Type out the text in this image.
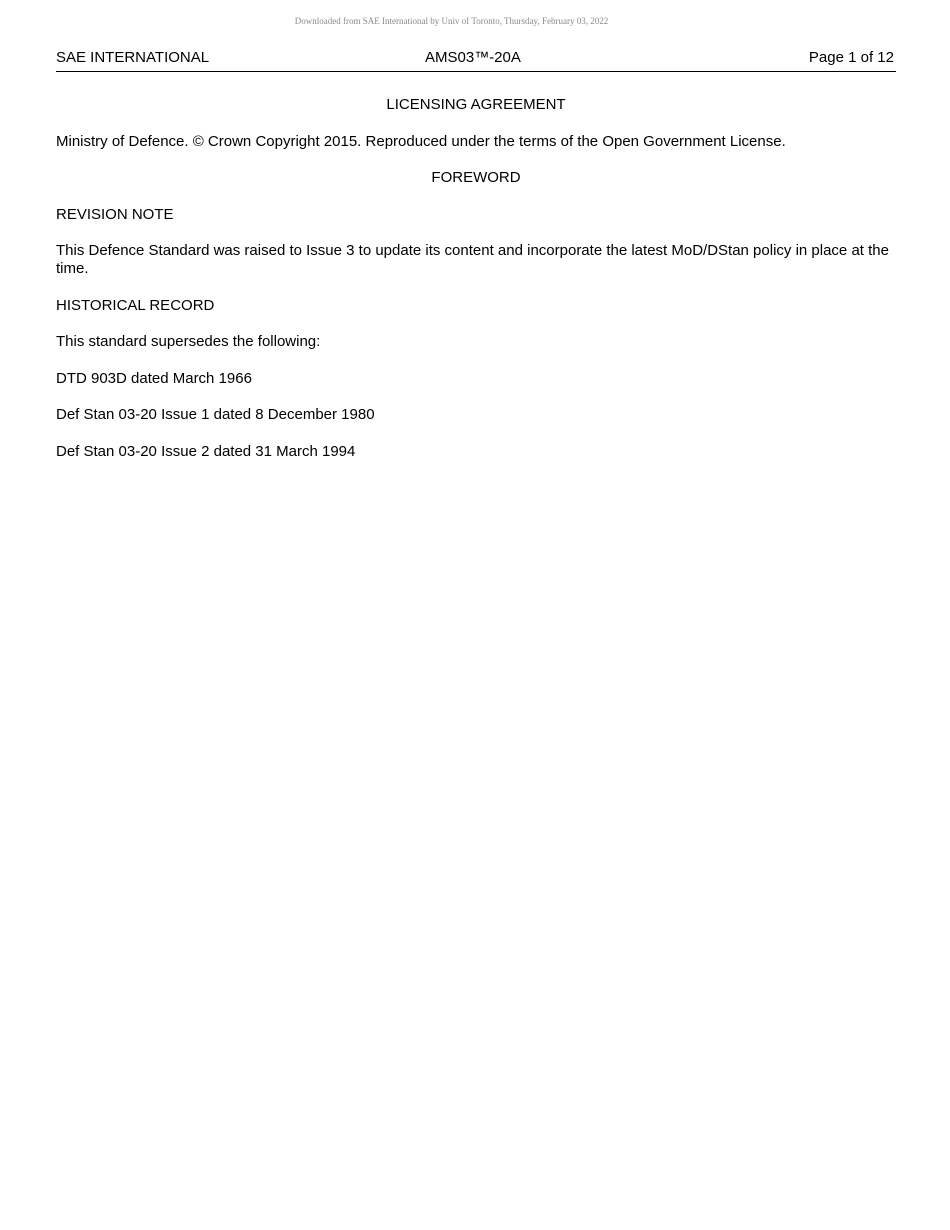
Downloaded from SAE International by Univ of Toronto, Thursday, February 03, 2022
SAE INTERNATIONAL	AMS03™-20A	Page 1 of 12

LICENSING AGREEMENT

Ministry of Defence. © Crown Copyright 2015. Reproduced under the terms of the Open Government License.

FOREWORD

REVISION NOTE

This Defence Standard was raised to Issue 3 to update its content and incorporate the latest MoD/DStan policy in place at the time.

HISTORICAL RECORD

This standard supersedes the following:

DTD 903D dated March 1966

Def Stan 03-20 Issue 1 dated 8 December 1980

Def Stan 03-20 Issue 2 dated 31 March 1994
